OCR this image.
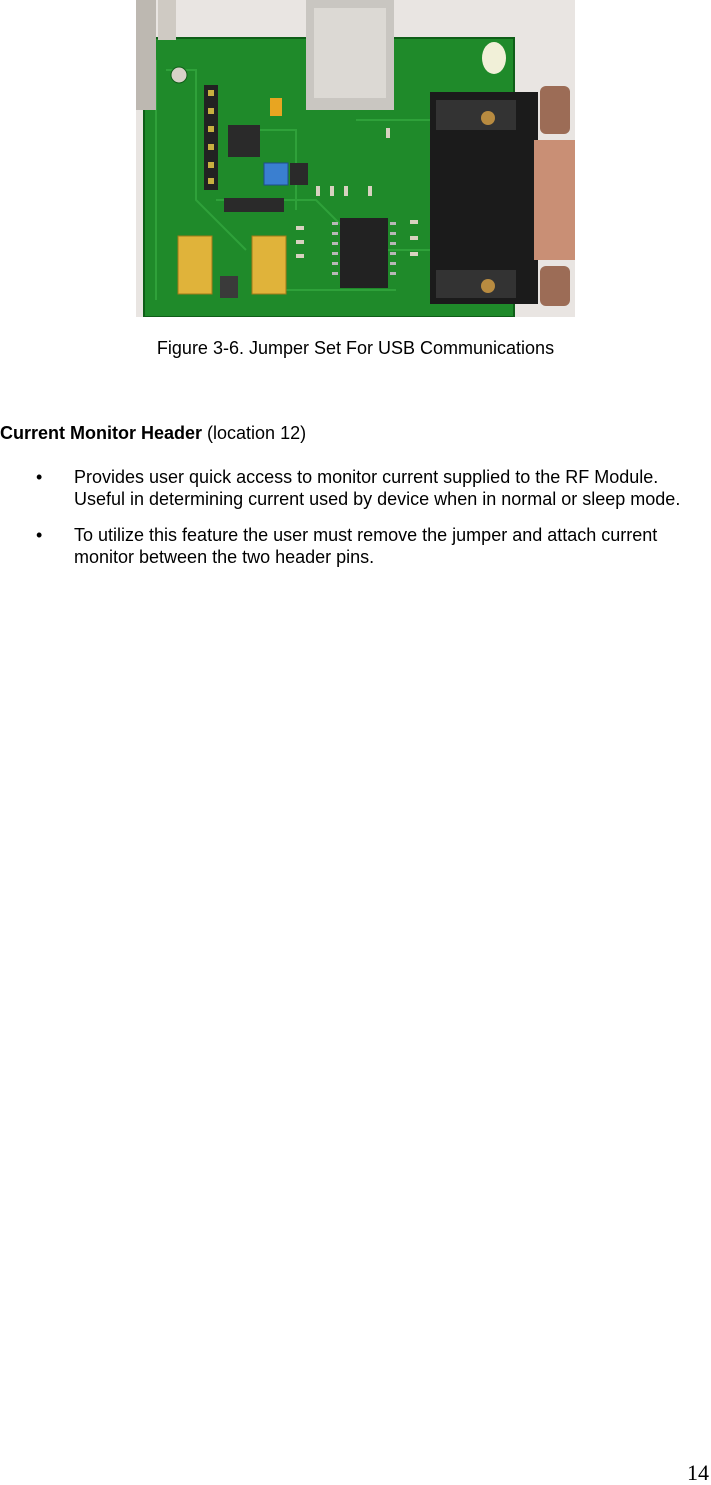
Figure 3-6. Jumper Set For USB Communications
Current Monitor Header (location 12)
• Provides user quick access to monitor current supplied to the RF Module. Useful in determining current used by device when in normal or sleep mode.
• To utilize this feature the user must remove the jumper and attach current monitor between the two header pins.
14
